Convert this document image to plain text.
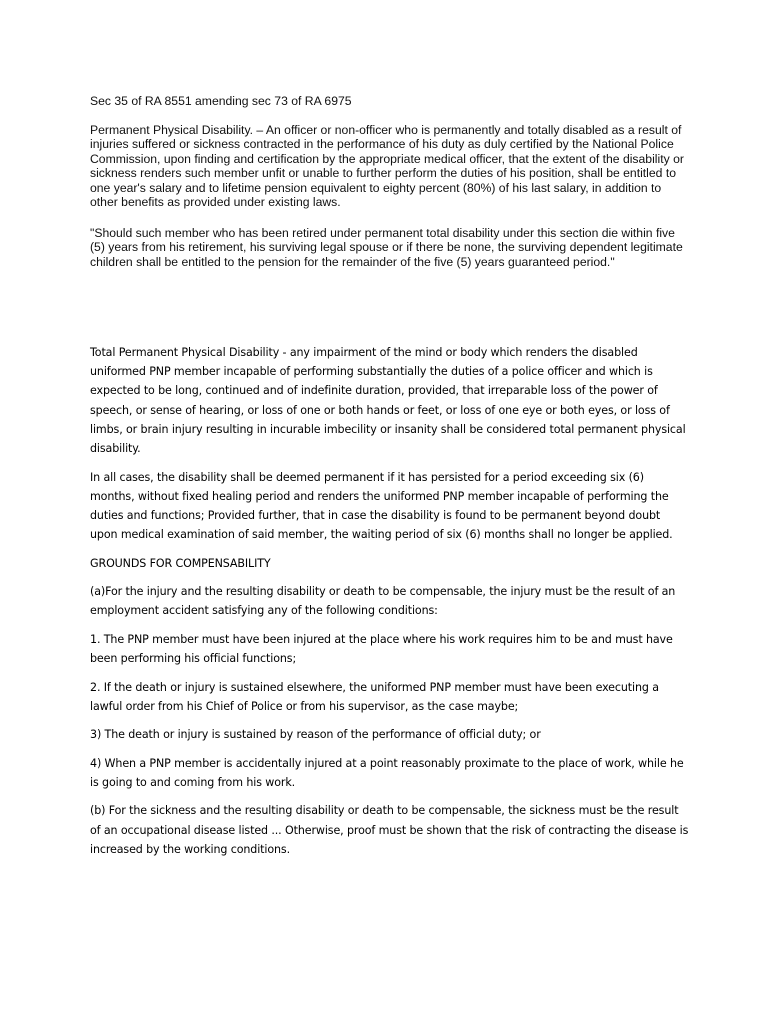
Sec 35 of RA 8551 amending sec 73 of RA 6975

Permanent Physical Disability. – An officer or non-officer who is permanently and totally disabled as a result of injuries suffered or sickness contracted in the performance of his duty as duly certified by the National Police Commission, upon finding and certification by the appropriate medical officer, that the extent of the disability or sickness renders such member unfit or unable to further perform the duties of his position, shall be entitled to one year's salary and to lifetime pension equivalent to eighty percent (80%) of his last salary, in addition to other benefits as provided under existing laws.

"Should such member who has been retired under permanent total disability under this section die within five (5) years from his retirement, his surviving legal spouse or if there be none, the surviving dependent legitimate children shall be entitled to the pension for the remainder of the five (5) years guaranteed period."

Total Permanent Physical Disability - any impairment of the mind or body which renders the disabled uniformed PNP member incapable of performing substantially the duties of a police officer and which is expected to be long, continued and of indefinite duration, provided, that irreparable loss of the power of speech, or sense of hearing, or loss of one or both hands or feet, or loss of one eye or both eyes, or loss of limbs, or brain injury resulting in incurable imbecility or insanity shall be considered total permanent physical disability.

In all cases, the disability shall be deemed permanent if it has persisted for a period exceeding six (6) months, without fixed healing period and renders the uniformed PNP member incapable of performing the duties and functions; Provided further, that in case the disability is found to be permanent beyond doubt upon medical examination of said member, the waiting period of six (6) months shall no longer be applied.

GROUNDS FOR COMPENSABILITY

(a)For the injury and the resulting disability or death to be compensable, the injury must be the result of an employment accident satisfying any of the following conditions:

1. The PNP member must have been injured at the place where his work requires him to be and must have been performing his official functions;

2. If the death or injury is sustained elsewhere, the uniformed PNP member must have been executing a lawful order from his Chief of Police or from his supervisor, as the case maybe;

3) The death or injury is sustained by reason of the performance of official duty; or

4) When a PNP member is accidentally injured at a point reasonably proximate to the place of work, while he is going to and coming from his work.

(b) For the sickness and the resulting disability or death to be compensable, the sickness must be the result of an occupational disease listed ... Otherwise, proof must be shown that the risk of contracting the disease is increased by the working conditions.
